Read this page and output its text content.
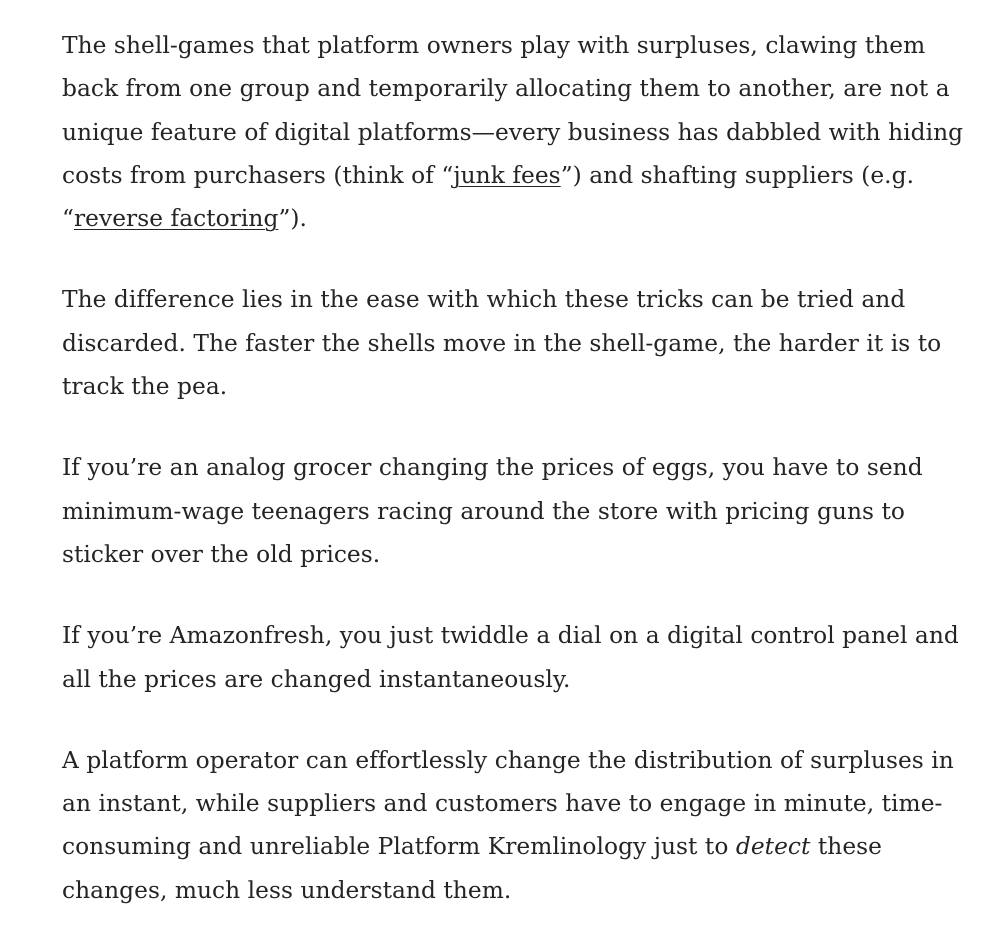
The shell-games that platform owners play with surpluses, clawing them back from one group and temporarily allocating them to another, are not a unique feature of digital platforms—every business has dabbled with hiding costs from purchasers (think of “junk fees”) and shafting suppliers (e.g. “reverse factoring”).

The difference lies in the ease with which these tricks can be tried and discarded. The faster the shells move in the shell-game, the harder it is to track the pea.

If you’re an analog grocer changing the prices of eggs, you have to send minimum-wage teenagers racing around the store with pricing guns to sticker over the old prices.

If you’re Amazonfresh, you just twiddle a dial on a digital control panel and all the prices are changed instantaneously.

A platform operator can effortlessly change the distribution of surpluses in an instant, while suppliers and customers have to engage in minute, time-consuming and unreliable Platform Kremlinology just to detect these changes, much less understand them.
